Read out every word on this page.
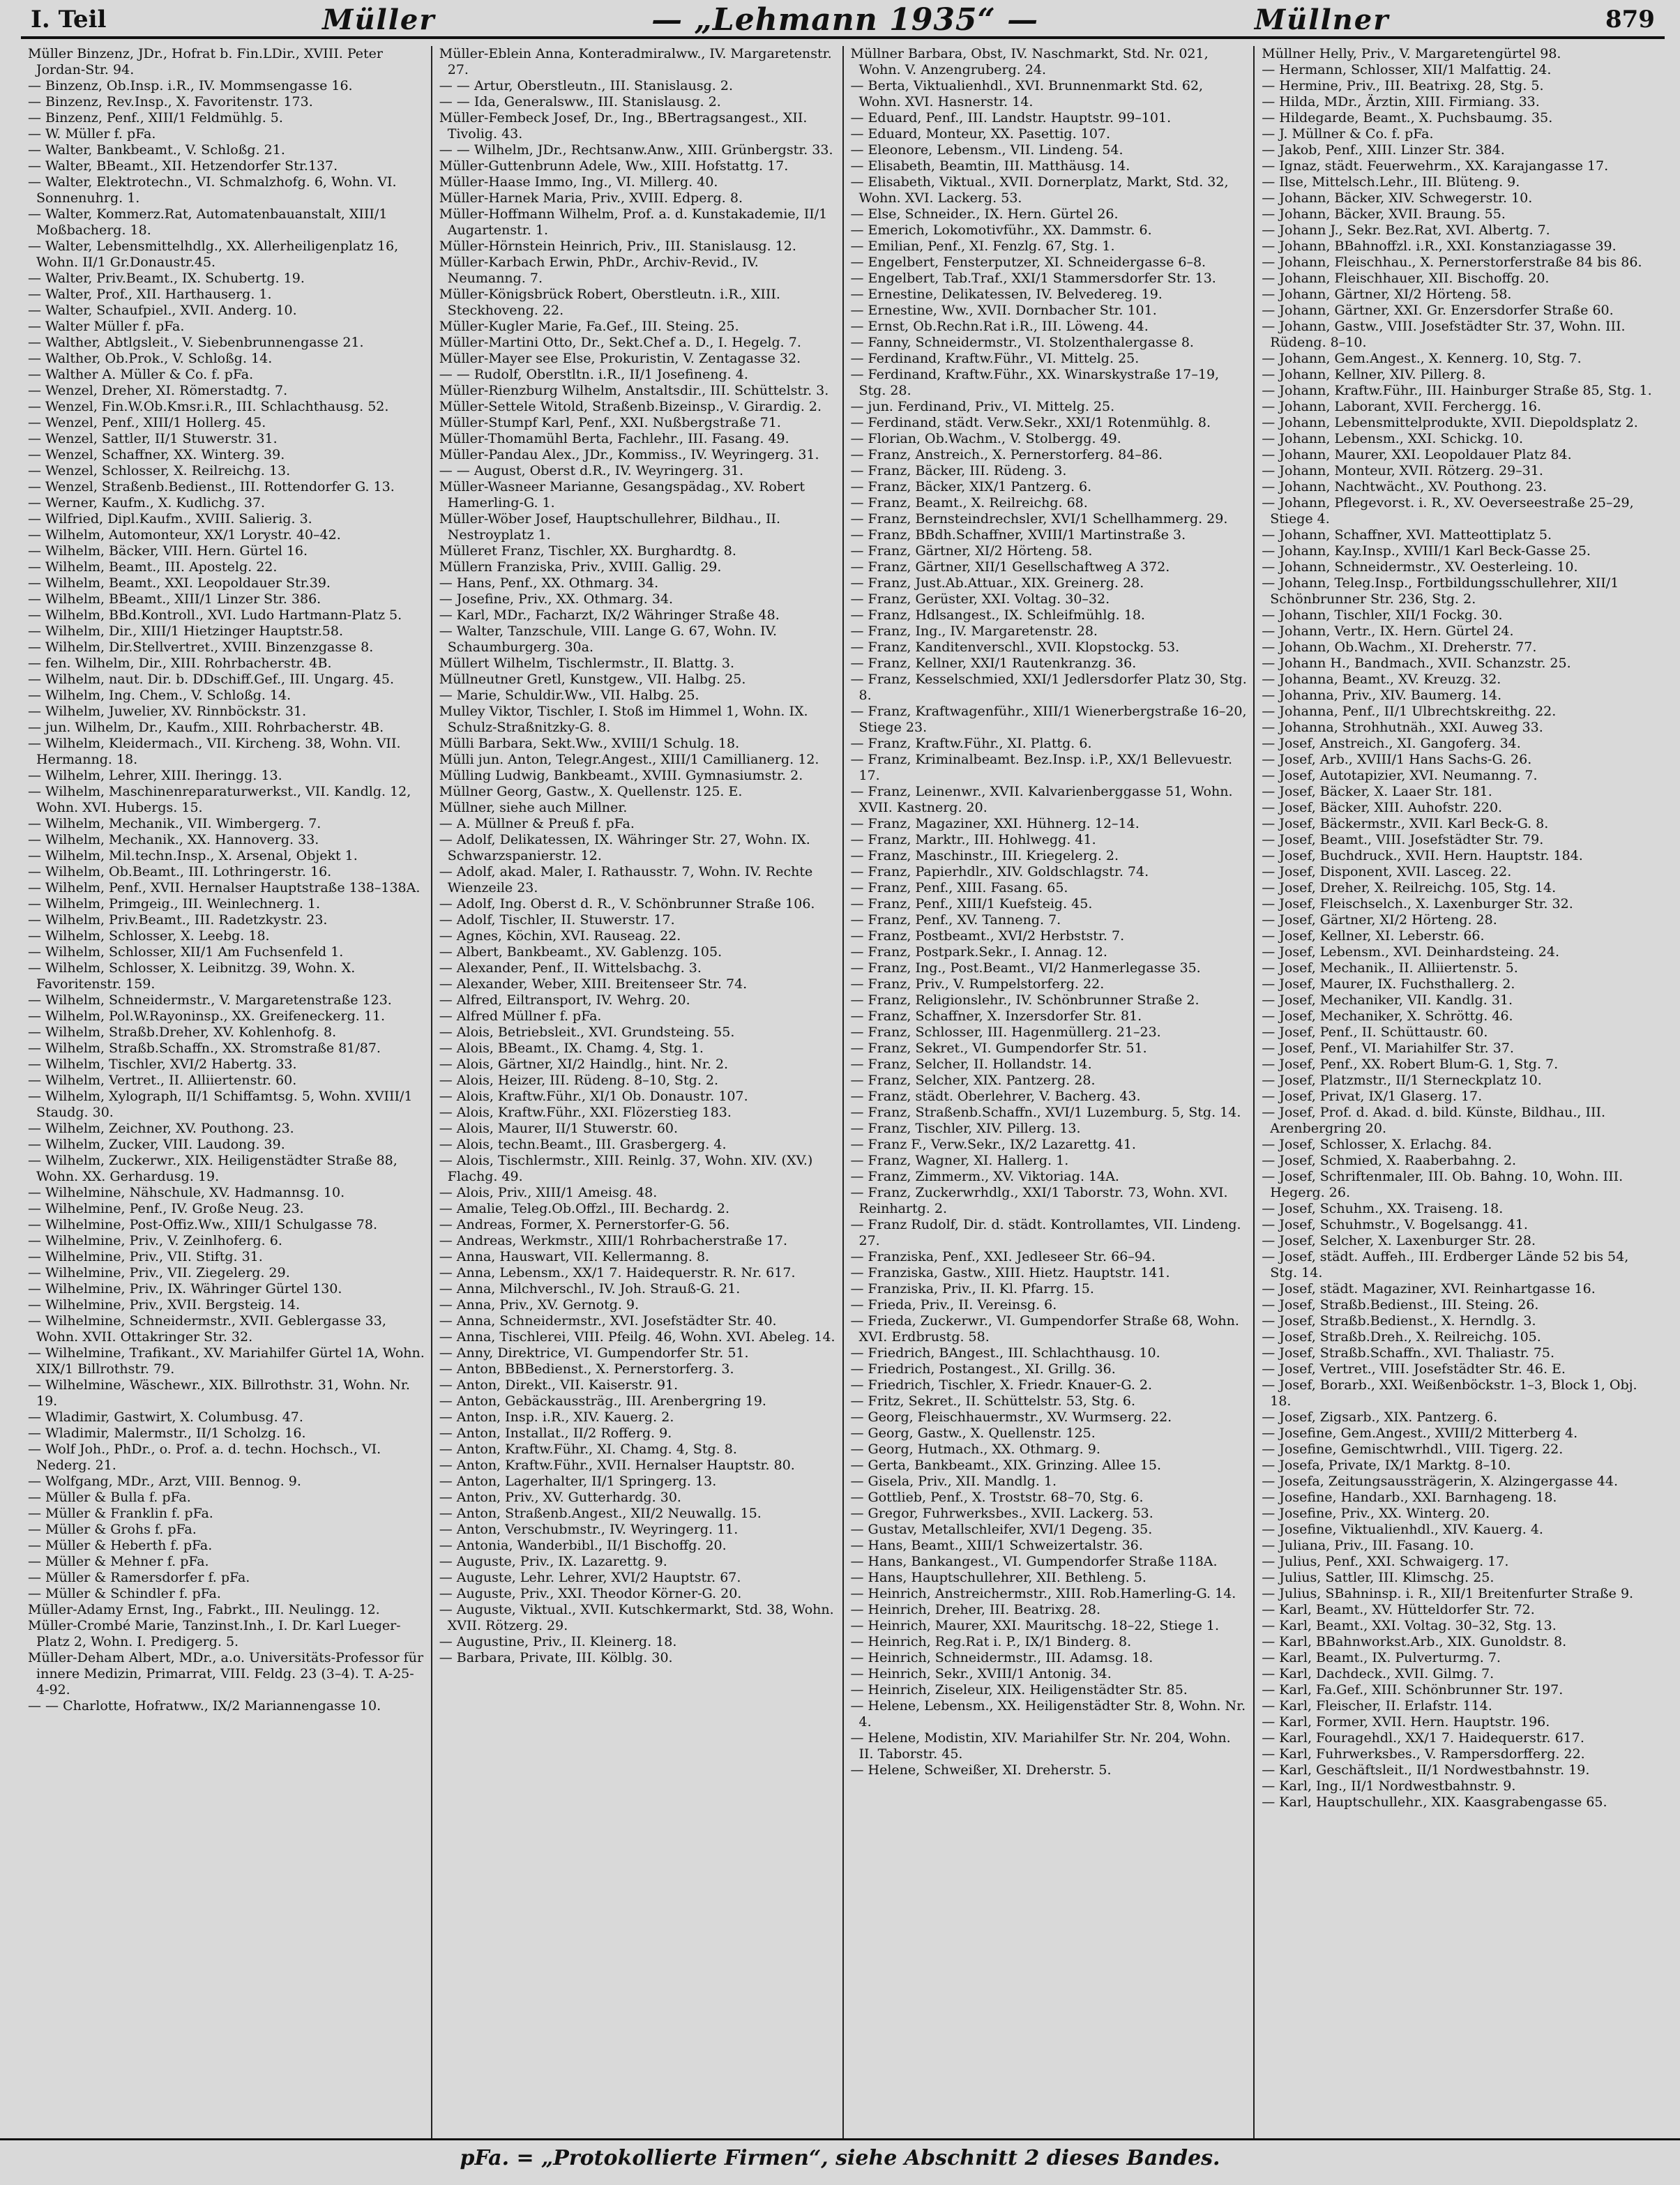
I. Teil	Müller	— „Lehmann 1935“ —	Müllner	879

Müller Binzenz, JDr., Hofrat b. Fin.LDir., XVIII. Peter Jordan-Str. 94.

— Binzenz, Ob.Insp. i.R., IV. Mommsengasse 16.

— Binzenz, Rev.Insp., X. Favoritenstr. 173.

— Binzenz, Penf., XIII/1 Feldmühlg. 5.

— W. Müller f. pFa.

— Walter, Bankbeamt., V. Schloßg. 21.

— Walter, BBeamt., XII. Hetzendorfer Str.137.

— Walter, Elektrotechn., VI. Schmalzhofg. 6, Wohn. VI. Sonnenuhrg. 1.

— Walter, Kommerz.Rat, Automatenbauanstalt, XIII/1 Moßbacherg. 18.

— Walter, Lebensmittelhdlg., XX. Allerheiligenplatz 16, Wohn. II/1 Gr.Donaustr.45.

— Walter, Priv.Beamt., IX. Schubertg. 19.

— Walter, Prof., XII. Harthauserg. 1.

— Walter, Schaufpiel., XVII. Anderg. 10.

— Walter Müller f. pFa.

— Walther, Abtlgsleit., V. Siebenbrunnengasse 21.

— Walther, Ob.Prok., V. Schloßg. 14.

— Walther A. Müller & Co. f. pFa.

— Wenzel, Dreher, XI. Römerstadtg. 7.

— Wenzel, Fin.W.Ob.Kmsr.i.R., III. Schlachthausg. 52.

— Wenzel, Penf., XIII/1 Hollerg. 45.

— Wenzel, Sattler, II/1 Stuwerstr. 31.

— Wenzel, Schaffner, XX. Winterg. 39.

— Wenzel, Schlosser, X. Reilreichg. 13.

— Wenzel, Straßenb.Bedienst., III. Rottendorfer G. 13.

— Werner, Kaufm., X. Kudlichg. 37.

— Wilfried, Dipl.Kaufm., XVIII. Salierig. 3.

— Wilhelm, Automonteur, XX/1 Lorystr. 40–42.

— Wilhelm, Bäcker, VIII. Hern. Gürtel 16.

— Wilhelm, Beamt., III. Apostelg. 22.

— Wilhelm, Beamt., XXI. Leopoldauer Str.39.

— Wilhelm, BBeamt., XIII/1 Linzer Str. 386.

— Wilhelm, BBd.Kontroll., XVI. Ludo Hartmann-Platz 5.

— Wilhelm, Dir., XIII/1 Hietzinger Hauptstr.58.

— Wilhelm, Dir.Stellvertret., XVIII. Binzenzgasse 8.

— fen. Wilhelm, Dir., XIII. Rohrbacherstr. 4B.

— Wilhelm, naut. Dir. b. DDschiff.Gef., III. Ungarg. 45.

— Wilhelm, Ing. Chem., V. Schloßg. 14.

— Wilhelm, Juwelier, XV. Rinnböckstr. 31.

— jun. Wilhelm, Dr., Kaufm., XIII. Rohrbacherstr. 4B.

— Wilhelm, Kleidermach., VII. Kircheng. 38, Wohn. VII. Hermanng. 18.

— Wilhelm, Lehrer, XIII. Iheringg. 13.

— Wilhelm, Maschinenreparaturwerkst., VII. Kandlg. 12, Wohn. XVI. Hubergs. 15.

— Wilhelm, Mechanik., VII. Wimbergerg. 7.

— Wilhelm, Mechanik., XX. Hannoverg. 33.

— Wilhelm, Mil.techn.Insp., X. Arsenal, Objekt 1.

— Wilhelm, Ob.Beamt., III. Lothringerstr. 16.

— Wilhelm, Penf., XVII. Hernalser Hauptstraße 138–138A.

— Wilhelm, Primgeig., III. Weinlechnerg. 1.

— Wilhelm, Priv.Beamt., III. Radetzkystr. 23.

— Wilhelm, Schlosser, X. Leebg. 18.

— Wilhelm, Schlosser, XII/1 Am Fuchsenfeld 1.

— Wilhelm, Schlosser, X. Leibnitzg. 39, Wohn. X. Favoritenstr. 159.

— Wilhelm, Schneidermstr., V. Margaretenstraße 123.

— Wilhelm, Pol.W.Rayoninsp., XX. Greifeneckerg. 11.

— Wilhelm, Straßb.Dreher, XV. Kohlenhofg. 8.

— Wilhelm, Straßb.Schaffn., XX. Stromstraße 81/87.

— Wilhelm, Tischler, XVI/2 Habertg. 33.

— Wilhelm, Vertret., II. Alliiertenstr. 60.

— Wilhelm, Xylograph, II/1 Schiffamtsg. 5, Wohn. XVIII/1 Staudg. 30.

— Wilhelm, Zeichner, XV. Pouthong. 23.

— Wilhelm, Zucker, VIII. Laudong. 39.

— Wilhelm, Zuckerwr., XIX. Heiligenstädter Straße 88, Wohn. XX. Gerhardusg. 19.

— Wilhelmine, Nähschule, XV. Hadmannsg. 10.

— Wilhelmine, Penf., IV. Große Neug. 23.

— Wilhelmine, Post-Offiz.Ww., XIII/1 Schulgasse 78.

— Wilhelmine, Priv., V. Zeinlhoferg. 6.

— Wilhelmine, Priv., VII. Stiftg. 31.

— Wilhelmine, Priv., VII. Ziegelerg. 29.

— Wilhelmine, Priv., IX. Währinger Gürtel 130.

— Wilhelmine, Priv., XVII. Bergsteig. 14.

— Wilhelmine, Schneidermstr., XVII. Geblergasse 33, Wohn. XVII. Ottakringer Str. 32.

— Wilhelmine, Trafikant., XV. Mariahilfer Gürtel 1A, Wohn. XIX/1 Billrothstr. 79.

— Wilhelmine, Wäschewr., XIX. Billrothstr. 31, Wohn. Nr. 19.

— Wladimir, Gastwirt, X. Columbusg. 47.

— Wladimir, Malermstr., II/1 Scholzg. 16.

— Wolf Joh., PhDr., o. Prof. a. d. techn. Hochsch., VI. Nederg. 21.

— Wolfgang, MDr., Arzt, VIII. Bennog. 9.

— Müller & Bulla f. pFa.

— Müller & Franklin f. pFa.

— Müller & Grohs f. pFa.

— Müller & Heberth f. pFa.

— Müller & Mehner f. pFa.

— Müller & Ramersdorfer f. pFa.

— Müller & Schindler f. pFa.

Müller-Adamy Ernst, Ing., Fabrkt., III. Neulingg. 12.

Müller-Crombé Marie, Tanzinst.Inh., I. Dr. Karl Lueger-Platz 2, Wohn. I. Predigerg. 5.

Müller-Deham Albert, MDr., a.o. Universitäts-Professor für innere Medizin, Primarrat, VIII. Feldg. 23 (3–4). T. A-25-4-92.

— — Charlotte, Hofratww., IX/2 Mariannengasse 10.

Müller-Eblein Anna, Konteradmiralww., IV. Margaretenstr. 27.

— — Artur, Oberstleutn., III. Stanislausg. 2.

— — Ida, Generalsww., III. Stanislausg. 2.

Müller-Fembeck Josef, Dr., Ing., BBertragsangest., XII. Tivolig. 43.

— — Wilhelm, JDr., Rechtsanw.Anw., XIII. Grünbergstr. 33.

Müller-Guttenbrunn Adele, Ww., XIII. Hofstattg. 17.

Müller-Haase Immo, Ing., VI. Millerg. 40.

Müller-Harnek Maria, Priv., XVIII. Edperg. 8.

Müller-Hoffmann Wilhelm, Prof. a. d. Kunstakademie, II/1 Augartenstr. 1.

Müller-Hörnstein Heinrich, Priv., III. Stanislausg. 12.

Müller-Karbach Erwin, PhDr., Archiv-Revid., IV. Neumanng. 7.

Müller-Königsbrück Robert, Oberstleutn. i.R., XIII. Steckhoveng. 22.

Müller-Kugler Marie, Fa.Gef., III. Steing. 25.

Müller-Martini Otto, Dr., Sekt.Chef a. D., I. Hegelg. 7.

Müller-Mayer see Else, Prokuristin, V. Zentagasse 32.

— — Rudolf, Oberstltn. i.R., II/1 Josefineng. 4.

Müller-Rienzburg Wilhelm, Anstaltsdir., III. Schüttelstr. 3.

Müller-Settele Witold, Straßenb.Bizeinsp., V. Girardig. 2.

Müller-Stumpf Karl, Penf., XXI. Nußbergstraße 71.

Müller-Thomamühl Berta, Fachlehr., III. Fasang. 49.

Müller-Pandau Alex., JDr., Kommiss., IV. Weyringerg. 31.

— — August, Oberst d.R., IV. Weyringerg. 31.

Müller-Wasneer Marianne, Gesangspädag., XV. Robert Hamerling-G. 1.

Müller-Wöber Josef, Hauptschullehrer, Bildhau., II. Nestroyplatz 1.

Mülleret Franz, Tischler, XX. Burghardtg. 8.

Müllern Franziska, Priv., XVIII. Gallig. 29.

— Hans, Penf., XX. Othmarg. 34.

— Josefine, Priv., XX. Othmarg. 34.

— Karl, MDr., Facharzt, IX/2 Währinger Straße 48.

— Walter, Tanzschule, VIII. Lange G. 67, Wohn. IV. Schaumburgerg. 30a.

Müllert Wilhelm, Tischlermstr., II. Blattg. 3.

Müllneutner Gretl, Kunstgew., VII. Halbg. 25.

— Marie, Schuldir.Ww., VII. Halbg. 25.

Mulley Viktor, Tischler, I. Stoß im Himmel 1, Wohn. IX. Schulz-Straßnitzky-G. 8.

Mülli Barbara, Sekt.Ww., XVIII/1 Schulg. 18.

Mülli jun. Anton, Telegr.Angest., XIII/1 Camillianerg. 12.

Mülling Ludwig, Bankbeamt., XVIII. Gymnasiumstr. 2.

Müllner Georg, Gastw., X. Quellenstr. 125. E.

Müllner, siehe auch Millner.

— A. Müllner & Preuß f. pFa.

— Adolf, Delikatessen, IX. Währinger Str. 27, Wohn. IX. Schwarzspanierstr. 12.

— Adolf, akad. Maler, I. Rathausstr. 7, Wohn. IV. Rechte Wienzeile 23.

— Adolf, Ing. Oberst d. R., V. Schönbrunner Straße 106.

— Adolf, Tischler, II. Stuwerstr. 17.

— Agnes, Köchin, XVI. Rauseag. 22.

— Albert, Bankbeamt., XV. Gablenzg. 105.

— Alexander, Penf., II. Wittelsbachg. 3.

— Alexander, Weber, XIII. Breitenseer Str. 74.

— Alfred, Eiltransport, IV. Wehrg. 20.

— Alfred Müllner f. pFa.

— Alois, Betriebsleit., XVI. Grundsteing. 55.

— Alois, BBeamt., IX. Chamg. 4, Stg. 1.

— Alois, Gärtner, XI/2 Haindlg., hint. Nr. 2.

— Alois, Heizer, III. Rüdeng. 8–10, Stg. 2.

— Alois, Kraftw.Führ., XI/1 Ob. Donaustr. 107.

— Alois, Kraftw.Führ., XXI. Flözerstieg 183.

— Alois, Maurer, II/1 Stuwerstr. 60.

— Alois, techn.Beamt., III. Grasbergerg. 4.

— Alois, Tischlermstr., XIII. Reinlg. 37, Wohn. XIV. (XV.) Flachg. 49.

— Alois, Priv., XIII/1 Ameisg. 48.

— Amalie, Teleg.Ob.Offzl., III. Bechardg. 2.

— Andreas, Former, X. Pernerstorfer-G. 56.

— Andreas, Werkmstr., XIII/1 Rohrbacherstraße 17.

— Anna, Hauswart, VII. Kellermanng. 8.

— Anna, Lebensm., XX/1 7. Haidequerstr. R. Nr. 617.

— Anna, Milchverschl., IV. Joh. Strauß-G. 21.

— Anna, Priv., XV. Gernotg. 9.

— Anna, Schneidermstr., XVI. Josefstädter Str. 40.

— Anna, Tischlerei, VIII. Pfeilg. 46, Wohn. XVI. Abeleg. 14.

— Anny, Direktrice, VI. Gumpendorfer Str. 51.

— Anton, BBBedienst., X. Pernerstorferg. 3.

— Anton, Direkt., VII. Kaiserstr. 91.

— Anton, Gebäckaussträg., III. Arenbergring 19.

— Anton, Insp. i.R., XIV. Kauerg. 2.

— Anton, Installat., II/2 Rofferg. 9.

— Anton, Kraftw.Führ., XI. Chamg. 4, Stg. 8.

— Anton, Kraftw.Führ., XVII. Hernalser Hauptstr. 80.

— Anton, Lagerhalter, II/1 Springerg. 13.

— Anton, Priv., XV. Gutterhardg. 30.

— Anton, Straßenb.Angest., XII/2 Neuwallg. 15.

— Anton, Verschubmstr., IV. Weyringerg. 11.

— Antonia, Wanderbibl., II/1 Bischoffg. 20.

— Auguste, Priv., IX. Lazarettg. 9.

— Auguste, Lehr. Lehrer, XVI/2 Hauptstr. 67.

— Auguste, Priv., XXI. Theodor Körner-G. 20.

— Auguste, Viktual., XVII. Kutschkermarkt, Std. 38, Wohn. XVII. Rötzerg. 29.

— Augustine, Priv., II. Kleinerg. 18.

— Barbara, Private, III. Kölblg. 30.

Müllner Barbara, Obst, IV. Naschmarkt, Std. Nr. 021, Wohn. V. Anzengruberg. 24.

— Berta, Viktualienhdl., XVI. Brunnenmarkt Std. 62, Wohn. XVI. Hasnerstr. 14.

— Eduard, Penf., III. Landstr. Hauptstr. 99–101.

— Eduard, Monteur, XX. Pasettig. 107.

— Eleonore, Lebensm., VII. Lindeng. 54.

— Elisabeth, Beamtin, III. Matthäusg. 14.

— Elisabeth, Viktual., XVII. Dornerplatz, Markt, Std. 32, Wohn. XVI. Lackerg. 53.

— Else, Schneider., IX. Hern. Gürtel 26.

— Emerich, Lokomotivführ., XX. Dammstr. 6.

— Emilian, Penf., XI. Fenzlg. 67, Stg. 1.

— Engelbert, Fensterputzer, XI. Schneidergasse 6–8.

— Engelbert, Tab.Traf., XXI/1 Stammersdorfer Str. 13.

— Ernestine, Delikatessen, IV. Belvedereg. 19.

— Ernestine, Ww., XVII. Dornbacher Str. 101.

— Ernst, Ob.Rechn.Rat i.R., III. Löweng. 44.

— Fanny, Schneidermstr., VI. Stolzenthalergasse 8.

— Ferdinand, Kraftw.Führ., VI. Mittelg. 25.

— Ferdinand, Kraftw.Führ., XX. Winarskystraße 17–19, Stg. 28.

— jun. Ferdinand, Priv., VI. Mittelg. 25.

— Ferdinand, städt. Verw.Sekr., XXI/1 Rotenmühlg. 8.

— Florian, Ob.Wachm., V. Stolbergg. 49.

— Franz, Anstreich., X. Pernerstorferg. 84–86.

— Franz, Bäcker, III. Rüdeng. 3.

— Franz, Bäcker, XIX/1 Pantzerg. 6.

— Franz, Beamt., X. Reilreichg. 68.

— Franz, Bernsteindrechsler, XVI/1 Schellhammerg. 29.

— Franz, BBdh.Schaffner, XVIII/1 Martinstraße 3.

— Franz, Gärtner, XI/2 Hörteng. 58.

— Franz, Gärtner, XII/1 Gesellschaftweg A 372.

— Franz, Just.Ab.Attuar., XIX. Greinerg. 28.

— Franz, Gerüster, XXI. Voltag. 30–32.

— Franz, Hdlsangest., IX. Schleifmühlg. 18.

— Franz, Ing., IV. Margaretenstr. 28.

— Franz, Kanditenverschl., XVII. Klopstockg. 53.

— Franz, Kellner, XXI/1 Rautenkranzg. 36.

— Franz, Kesselschmied, XXI/1 Jedlersdorfer Platz 30, Stg. 8.

— Franz, Kraftwagenführ., XIII/1 Wienerbergstraße 16–20, Stiege 23.

— Franz, Kraftw.Führ., XI. Plattg. 6.

— Franz, Kriminalbeamt. Bez.Insp. i.P., XX/1 Bellevuestr. 17.

— Franz, Leinenwr., XVII. Kalvarienberggasse 51, Wohn. XVII. Kastnerg. 20.

— Franz, Magaziner, XXI. Hühnerg. 12–14.

— Franz, Marktr., III. Hohlwegg. 41.

— Franz, Maschinstr., III. Kriegelerg. 2.

— Franz, Papierhdlr., XIV. Goldschlagstr. 74.

— Franz, Penf., XIII. Fasang. 65.

— Franz, Penf., XIII/1 Kuefsteig. 45.

— Franz, Penf., XV. Tanneng. 7.

— Franz, Postbeamt., XVI/2 Herbststr. 7.

— Franz, Postpark.Sekr., I. Annag. 12.

— Franz, Ing., Post.Beamt., VI/2 Hanmerlegasse 35.

— Franz, Priv., V. Rumpelstorferg. 22.

— Franz, Religionslehr., IV. Schönbrunner Straße 2.

— Franz, Schaffner, X. Inzersdorfer Str. 81.

— Franz, Schlosser, III. Hagenmüllerg. 21–23.

— Franz, Sekret., VI. Gumpendorfer Str. 51.

— Franz, Selcher, II. Hollandstr. 14.

— Franz, Selcher, XIX. Pantzerg. 28.

— Franz, städt. Oberlehrer, V. Bacherg. 43.

— Franz, Straßenb.Schaffn., XVI/1 Luzemburg. 5, Stg. 14.

— Franz, Tischler, XIV. Pillerg. 13.

— Franz F., Verw.Sekr., IX/2 Lazarettg. 41.

— Franz, Wagner, XI. Hallerg. 1.

— Franz, Zimmerm., XV. Viktoriag. 14A.

— Franz, Zuckerwrhdlg., XXI/1 Taborstr. 73, Wohn. XVI. Reinhartg. 2.

— Franz Rudolf, Dir. d. städt. Kontrollamtes, VII. Lindeng. 27.

— Franziska, Penf., XXI. Jedleseer Str. 66–94.

— Franziska, Gastw., XIII. Hietz. Hauptstr. 141.

— Franziska, Priv., II. Kl. Pfarrg. 15.

— Frieda, Priv., II. Vereinsg. 6.

— Frieda, Zuckerwr., VI. Gumpendorfer Straße 68, Wohn. XVI. Erdbrustg. 58.

— Friedrich, BAngest., III. Schlachthausg. 10.

— Friedrich, Postangest., XI. Grillg. 36.

— Friedrich, Tischler, X. Friedr. Knauer-G. 2.

— Fritz, Sekret., II. Schüttelstr. 53, Stg. 6.

— Georg, Fleischhauermstr., XV. Wurmserg. 22.

— Georg, Gastw., X. Quellenstr. 125.

— Georg, Hutmach., XX. Othmarg. 9.

— Gerta, Bankbeamt., XIX. Grinzing. Allee 15.

— Gisela, Priv., XII. Mandlg. 1.

— Gottlieb, Penf., X. Troststr. 68–70, Stg. 6.

— Gregor, Fuhrwerksbes., XVII. Lackerg. 53.

— Gustav, Metallschleifer, XVI/1 Degeng. 35.

— Hans, Beamt., XIII/1 Schweizertalstr. 36.

— Hans, Bankangest., VI. Gumpendorfer Straße 118A.

— Hans, Hauptschullehrer, XII. Bethleng. 5.

— Heinrich, Anstreichermstr., XIII. Rob.Hamerling-G. 14.

— Heinrich, Dreher, III. Beatrixg. 28.

— Heinrich, Maurer, XXI. Mauritschg. 18–22, Stiege 1.

— Heinrich, Reg.Rat i. P., IX/1 Binderg. 8.

— Heinrich, Schneidermstr., III. Adamsg. 18.

— Heinrich, Sekr., XVIII/1 Antonig. 34.

— Heinrich, Ziseleur, XIX. Heiligenstädter Str. 85.

— Helene, Lebensm., XX. Heiligenstädter Str. 8, Wohn. Nr. 4.

— Helene, Modistin, XIV. Mariahilfer Str. Nr. 204, Wohn. II. Taborstr. 45.

— Helene, Schweißer, XI. Dreherstr. 5.

Müllner Helly, Priv., V. Margaretengürtel 98.

— Hermann, Schlosser, XII/1 Malfattig. 24.

— Hermine, Priv., III. Beatrixg. 28, Stg. 5.

— Hilda, MDr., Ärztin, XIII. Firmiang. 33.

— Hildegarde, Beamt., X. Puchsbaumg. 35.

— J. Müllner & Co. f. pFa.

— Jakob, Penf., XIII. Linzer Str. 384.

— Ignaz, städt. Feuerwehrm., XX. Karajangasse 17.

— Ilse, Mittelsch.Lehr., III. Blüteng. 9.

— Johann, Bäcker, XIV. Schwegerstr. 10.

— Johann, Bäcker, XVII. Braung. 55.

— Johann J., Sekr. Bez.Rat, XVI. Albertg. 7.

— Johann, BBahnoffzl. i.R., XXI. Konstanziagasse 39.

— Johann, Fleischhau., X. Pernerstorferstraße 84 bis 86.

— Johann, Fleischhauer, XII. Bischoffg. 20.

— Johann, Gärtner, XI/2 Hörteng. 58.

— Johann, Gärtner, XXI. Gr. Enzersdorfer Straße 60.

— Johann, Gastw., VIII. Josefstädter Str. 37, Wohn. III. Rüdeng. 8–10.

— Johann, Gem.Angest., X. Kennerg. 10, Stg. 7.

— Johann, Kellner, XIV. Pillerg. 8.

— Johann, Kraftw.Führ., III. Hainburger Straße 85, Stg. 1.

— Johann, Laborant, XVII. Ferchergg. 16.

— Johann, Lebensmittelprodukte, XVII. Diepoldsplatz 2.

— Johann, Lebensm., XXI. Schickg. 10.

— Johann, Maurer, XXI. Leopoldauer Platz 84.

— Johann, Monteur, XVII. Rötzerg. 29–31.

— Johann, Nachtwächt., XV. Pouthong. 23.

— Johann, Pflegevorst. i. R., XV. Oeverseestraße 25–29, Stiege 4.

— Johann, Schaffner, XVI. Matteottiplatz 5.

— Johann, Kay.Insp., XVIII/1 Karl Beck-Gasse 25.

— Johann, Schneidermstr., XV. Oesterleing. 10.

— Johann, Teleg.Insp., Fortbildungsschullehrer, XII/1 Schönbrunner Str. 236, Stg. 2.

— Johann, Tischler, XII/1 Fockg. 30.

— Johann, Vertr., IX. Hern. Gürtel 24.

— Johann, Ob.Wachm., XI. Dreherstr. 77.

— Johann H., Bandmach., XVII. Schanzstr. 25.

— Johanna, Beamt., XV. Kreuzg. 32.

— Johanna, Priv., XIV. Baumerg. 14.

— Johanna, Penf., II/1 Ulbrechtskreithg. 22.

— Johanna, Strohhutnäh., XXI. Auweg 33.

— Josef, Anstreich., XI. Gangoferg. 34.

— Josef, Arb., XVIII/1 Hans Sachs-G. 26.

— Josef, Autotapizier, XVI. Neumanng. 7.

— Josef, Bäcker, X. Laaer Str. 181.

— Josef, Bäcker, XIII. Auhofstr. 220.

— Josef, Bäckermstr., XVII. Karl Beck-G. 8.

— Josef, Beamt., VIII. Josefstädter Str. 79.

— Josef, Buchdruck., XVII. Hern. Hauptstr. 184.

— Josef, Disponent, XVII. Lasceg. 22.

— Josef, Dreher, X. Reilreichg. 105, Stg. 14.

— Josef, Fleischselch., X. Laxenburger Str. 32.

— Josef, Gärtner, XI/2 Hörteng. 28.

— Josef, Kellner, XI. Leberstr. 66.

— Josef, Lebensm., XVI. Deinhardsteing. 24.

— Josef, Mechanik., II. Alliiertenstr. 5.

— Josef, Maurer, IX. Fuchsthallerg. 2.

— Josef, Mechaniker, VII. Kandlg. 31.

— Josef, Mechaniker, X. Schröttg. 46.

— Josef, Penf., II. Schüttaustr. 60.

— Josef, Penf., VI. Mariahilfer Str. 37.

— Josef, Penf., XX. Robert Blum-G. 1, Stg. 7.

— Josef, Platzmstr., II/1 Sterneckplatz 10.

— Josef, Privat, IX/1 Glaserg. 17.

— Josef, Prof. d. Akad. d. bild. Künste, Bildhau., III. Arenbergring 20.

— Josef, Schlosser, X. Erlachg. 84.

— Josef, Schmied, X. Raaberbahng. 2.

— Josef, Schriftenmaler, III. Ob. Bahng. 10, Wohn. III. Hegerg. 26.

— Josef, Schuhm., XX. Traiseng. 18.

— Josef, Schuhmstr., V. Bogelsangg. 41.

— Josef, Selcher, X. Laxenburger Str. 28.

— Josef, städt. Auffeh., III. Erdberger Lände 52 bis 54, Stg. 14.

— Josef, städt. Magaziner, XVI. Reinhartgasse 16.

— Josef, Straßb.Bedienst., III. Steing. 26.

— Josef, Straßb.Bedienst., X. Herndlg. 3.

— Josef, Straßb.Dreh., X. Reilreichg. 105.

— Josef, Straßb.Schaffn., XVI. Thaliastr. 75.

— Josef, Vertret., VIII. Josefstädter Str. 46. E.

— Josef, Borarb., XXI. Weißenböckstr. 1–3, Block 1, Obj. 18.

— Josef, Zigsarb., XIX. Pantzerg. 6.

— Josefine, Gem.Angest., XVIII/2 Mitterberg 4.

— Josefine, Gemischtwrhdl., VIII. Tigerg. 22.

— Josefa, Private, IX/1 Marktg. 8–10.

— Josefa, Zeitungsaussträgerin, X. Alzingergasse 44.

— Josefine, Handarb., XXI. Barnhageng. 18.

— Josefine, Priv., XX. Winterg. 20.

— Josefine, Viktualienhdl., XIV. Kauerg. 4.

— Juliana, Priv., III. Fasang. 10.

— Julius, Penf., XXI. Schwaigerg. 17.

— Julius, Sattler, III. Klimschg. 25.

— Julius, SBahninsp. i. R., XII/1 Breitenfurter Straße 9.

— Karl, Beamt., XV. Hütteldorfer Str. 72.

— Karl, Beamt., XXI. Voltag. 30–32, Stg. 13.

— Karl, BBahnworkst.Arb., XIX. Gunoldstr. 8.

— Karl, Beamt., IX. Pulverturmg. 7.

— Karl, Dachdeck., XVII. Gilmg. 7.

— Karl, Fa.Gef., XIII. Schönbrunner Str. 197.

— Karl, Fleischer, II. Erlafstr. 114.

— Karl, Former, XVII. Hern. Hauptstr. 196.

— Karl, Fouragehdl., XX/1 7. Haidequerstr. 617.

— Karl, Fuhrwerksbes., V. Rampersdorfferg. 22.

— Karl, Geschäftsleit., II/1 Nordwestbahnstr. 19.

— Karl, Ing., II/1 Nordwestbahnstr. 9.

— Karl, Hauptschullehr., XIX. Kaasgrabengasse 65.

pFa. = „Protokollierte Firmen“, siehe Abschnitt 2 dieses Bandes.
